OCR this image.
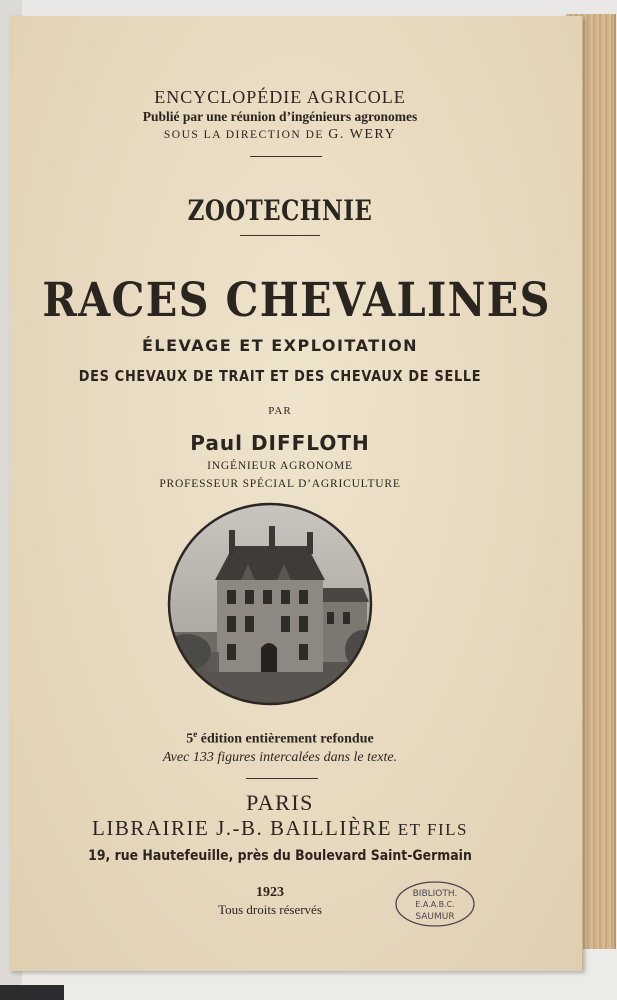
ENCYCLOPÉDIE AGRICOLE
Publié par une réunion d’ingénieurs agronomes
SOUS LA DIRECTION DE G. WERY
ZOOTECHNIE
RACES CHEVALINES
ÉLEVAGE ET EXPLOITATION
DES CHEVAUX DE TRAIT ET DES CHEVAUX DE SELLE
PAR
Paul DIFFLOTH
INGÉNIEUR AGRONOME
PROFESSEUR SPÉCIAL D’AGRICULTURE
5e édition entièrement refondue
Avec 133 figures intercalées dans le texte.
PARIS
LIBRAIRIE J.-B. BAILLIÈRE ET FILS
19, rue Hautefeuille, près du Boulevard Saint-Germain
1923
Tous droits réservés
BIBLIOTH.
E.A.A.B.C.
SAUMUR
